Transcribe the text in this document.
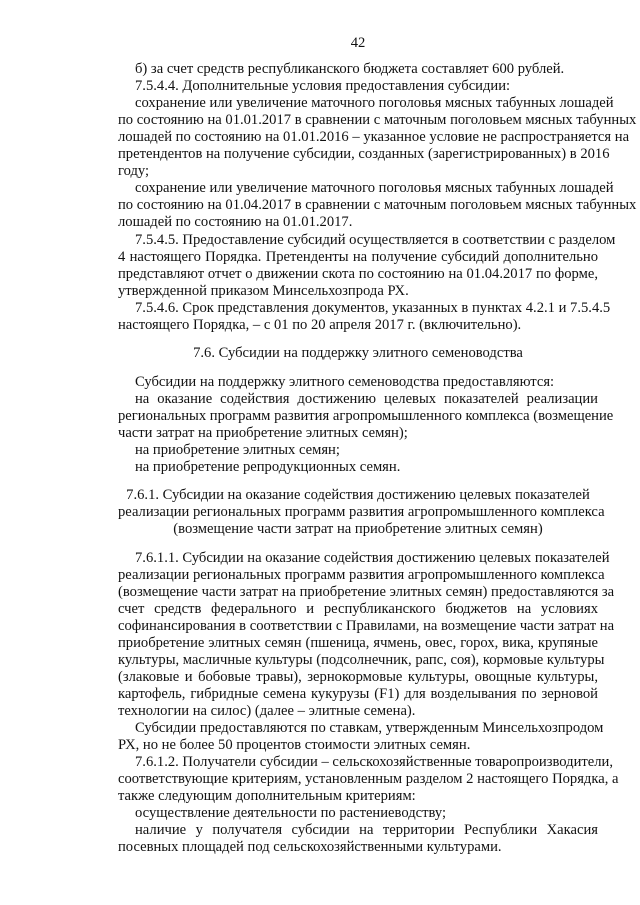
42
б) за счет средств республиканского бюджета составляет 600 рублей.
7.5.4.4. Дополнительные условия предоставления субсидии:
сохранение или увеличение маточного поголовья мясных табунных лошадей
по состоянию на 01.01.2017 в сравнении с маточным поголовьем мясных табунных
лошадей по состоянию на 01.01.2016 – указанное условие не распространяется на
претендентов на получение субсидии, созданных (зарегистрированных) в 2016
году;
сохранение или увеличение маточного поголовья мясных табунных лошадей
по состоянию на 01.04.2017 в сравнении с маточным поголовьем мясных табунных
лошадей по состоянию на 01.01.2017.
7.5.4.5. Предоставление субсидий осуществляется в соответствии с разделом
4 настоящего Порядка. Претенденты на получение субсидий дополнительно
представляют отчет о движении скота по состоянию на 01.04.2017 по форме,
утвержденной приказом Минсельхозпрода РХ.
7.5.4.6. Срок представления документов, указанных в пунктах 4.2.1 и 7.5.4.5
настоящего Порядка, – с 01 по 20 апреля 2017 г. (включительно).
7.6. Субсидии на поддержку элитного семеноводства
Субсидии на поддержку элитного семеноводства предоставляются:
на оказание содействия достижению целевых показателей реализации
региональных программ развития агропромышленного комплекса (возмещение
части затрат на приобретение элитных семян);
на приобретение элитных семян;
на приобретение репродукционных семян.
7.6.1. Субсидии на оказание содействия достижению целевых показателей
реализации региональных программ развития агропромышленного комплекса
(возмещение части затрат на приобретение элитных семян)
7.6.1.1. Субсидии на оказание содействия достижению целевых показателей
реализации региональных программ развития агропромышленного комплекса
(возмещение части затрат на приобретение элитных семян) предоставляются за
счет средств федерального и республиканского бюджетов на условиях
софинансирования в соответствии с Правилами, на возмещение части затрат на
приобретение элитных семян (пшеница, ячмень, овес, горох, вика, крупяные
культуры, масличные культуры (подсолнечник, рапс, соя), кормовые культуры
(злаковые и бобовые травы), зернокормовые культуры, овощные культуры,
картофель, гибридные семена кукурузы (F1) для возделывания по зерновой
технологии на силос) (далее – элитные семена).
Субсидии предоставляются по ставкам, утвержденным Минсельхозпродом
РХ, но не более 50 процентов стоимости элитных семян.
7.6.1.2. Получатели субсидии – сельскохозяйственные товаропроизводители,
соответствующие критериям, установленным разделом 2 настоящего Порядка, а
также следующим дополнительным критериям:
осуществление деятельности по растениеводству;
наличие у получателя субсидии на территории Республики Хакасия
посевных площадей под сельскохозяйственными культурами.
